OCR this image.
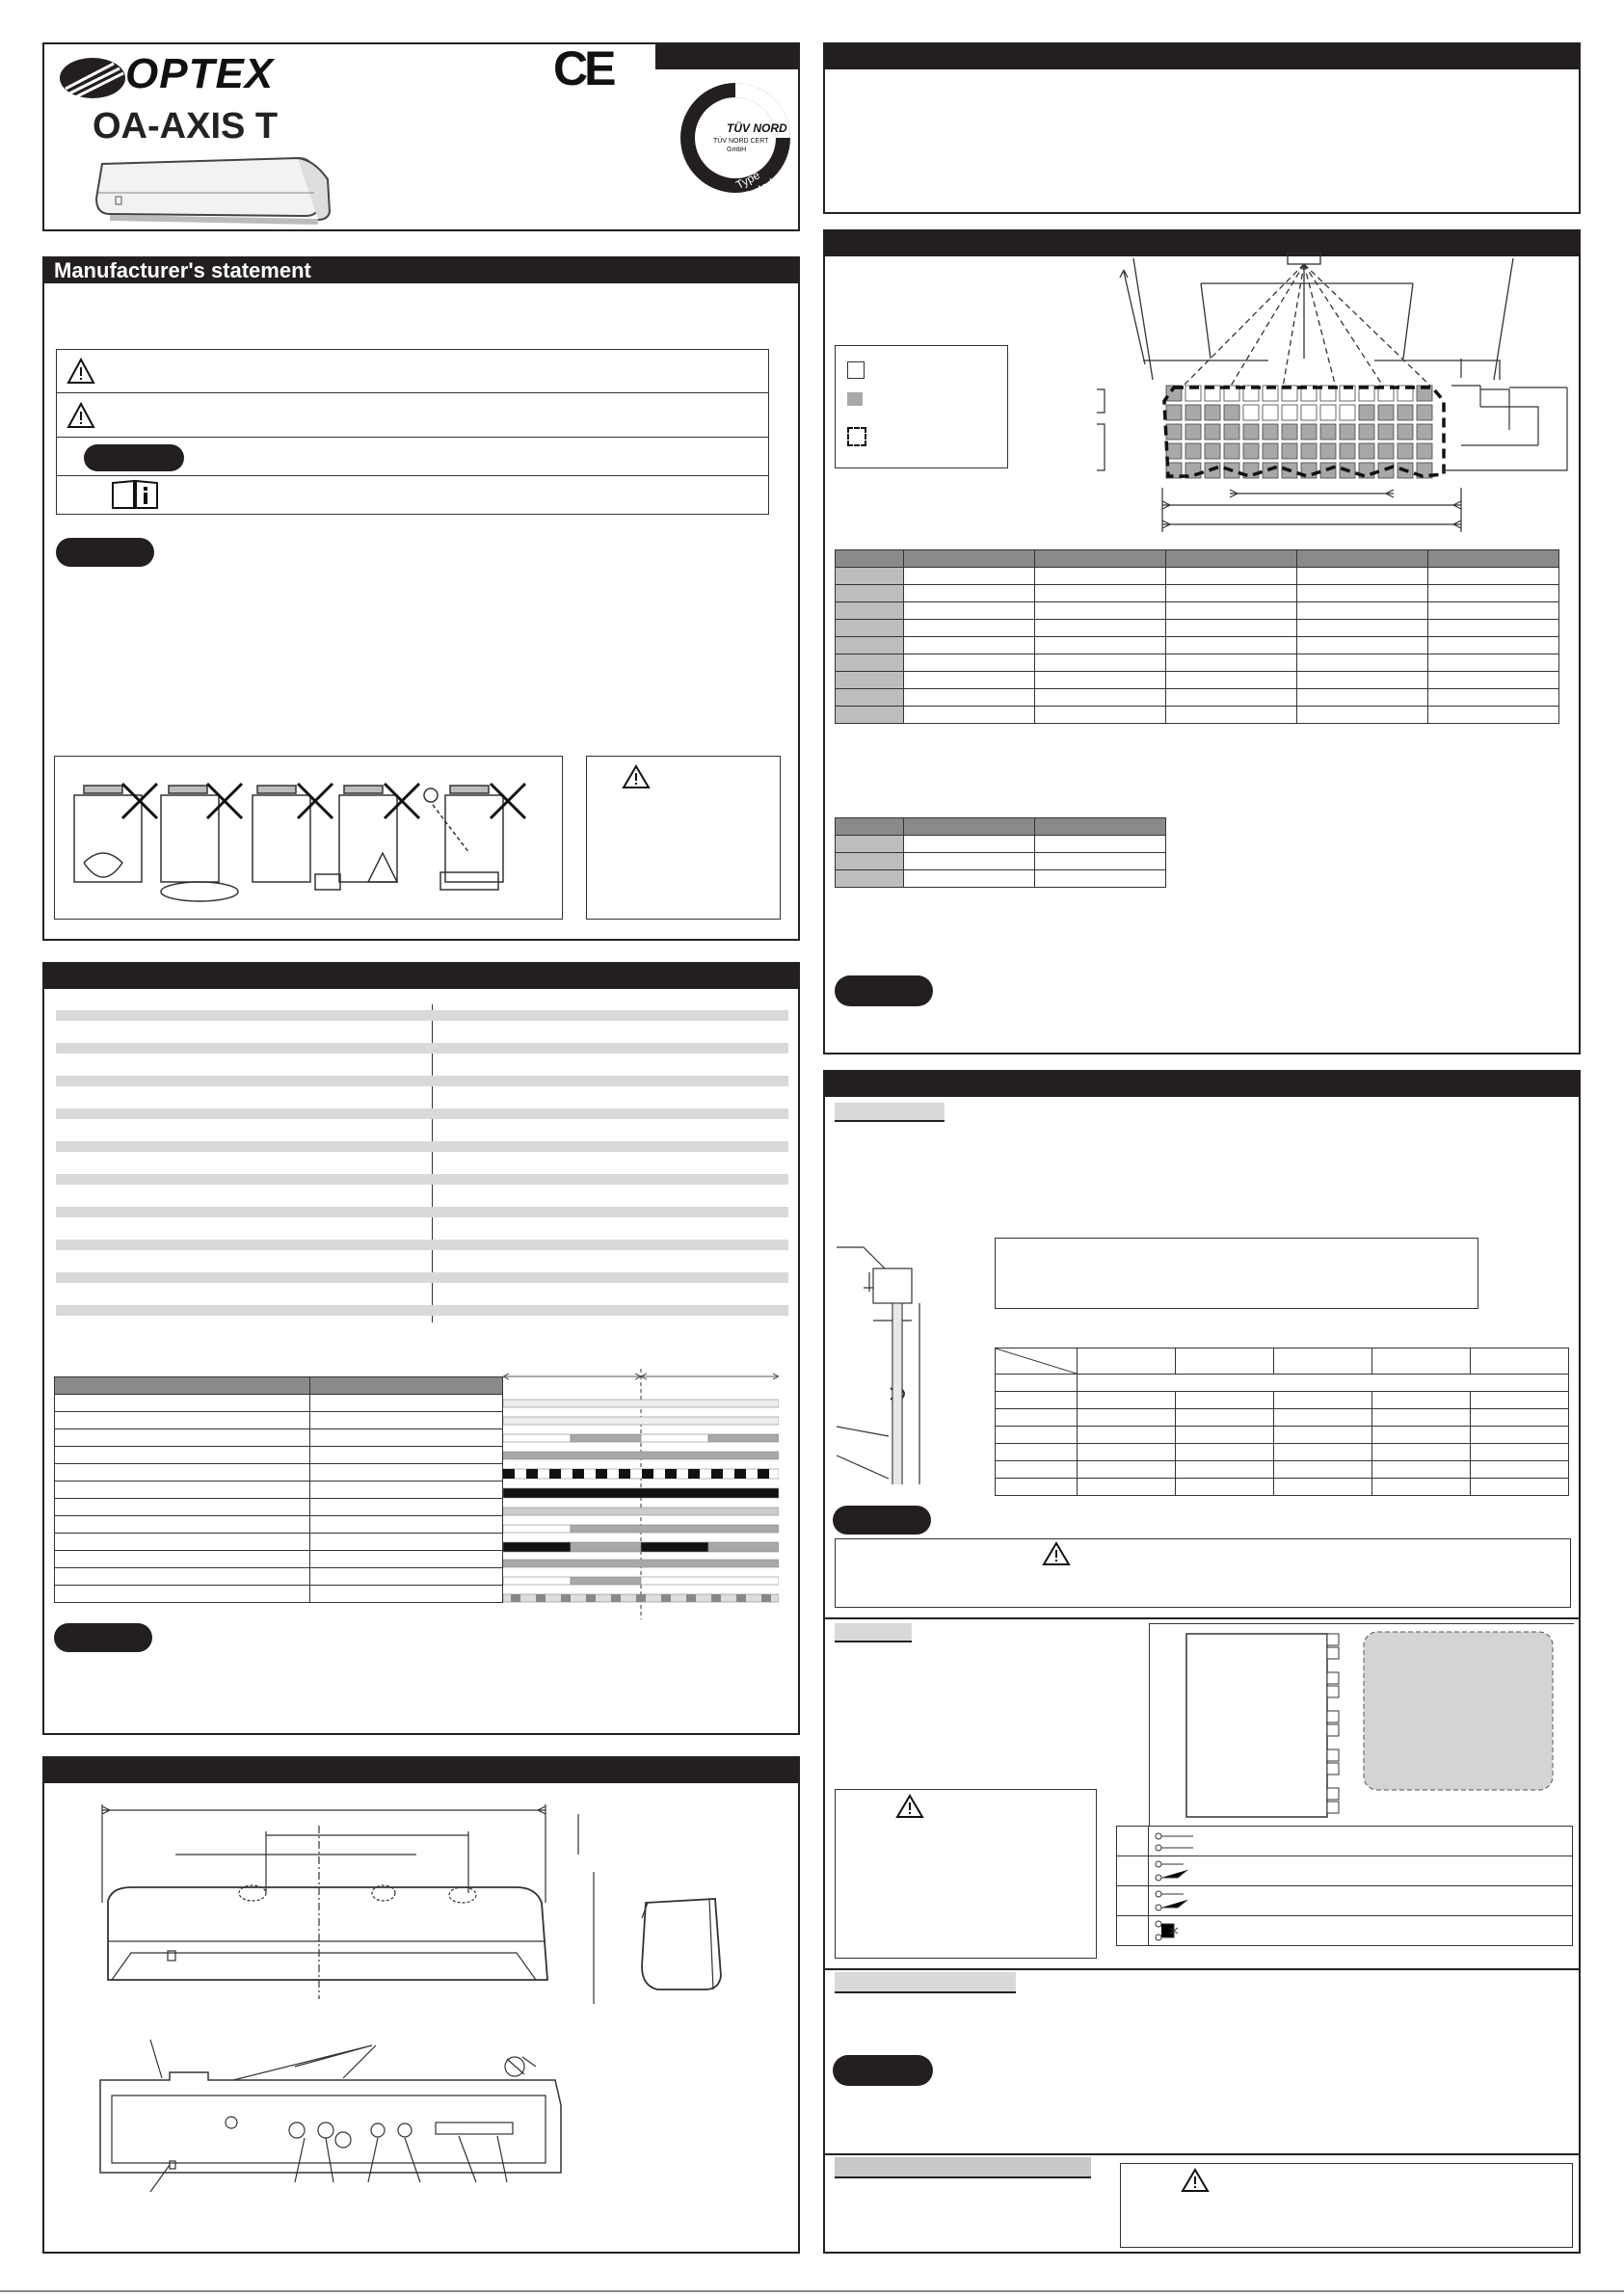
OPTEX
OA-AXIS T
CE
TÜV NORD
TÜV NORD CERT
GmbH
Type Tested
Manufacturer's statement
